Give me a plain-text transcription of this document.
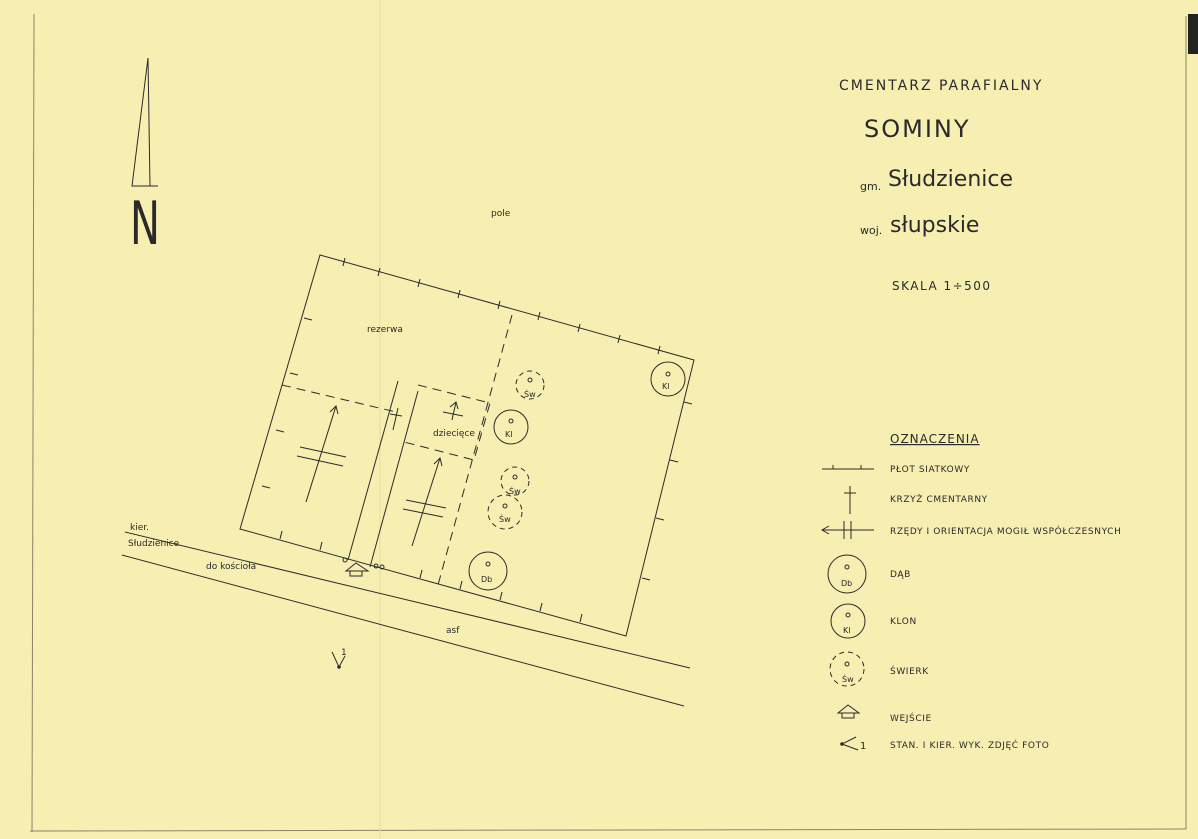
N
CMENTARZ PARAFIALNY
SOMINY
gm. Słudzienice
woj. słupskie
SKALA 1÷500
Św
Kl
Św
Św
Db
Kl
1
pole
rezerwa
dziecięce
kier.
Słudzienice
do kościoła
asf
OZNACZENIA
PŁOT SIATKOWY
KRZYŻ CMENTARNY
RZĘDY I ORIENTACJA MOGIŁ WSPÓŁCZESNYCH
Db
DĄB
Kl
KLON
Św
ŚWIERK
WEJŚCIE
1	STAN. I KIER. WYK. ZDJĘĆ FOTO
